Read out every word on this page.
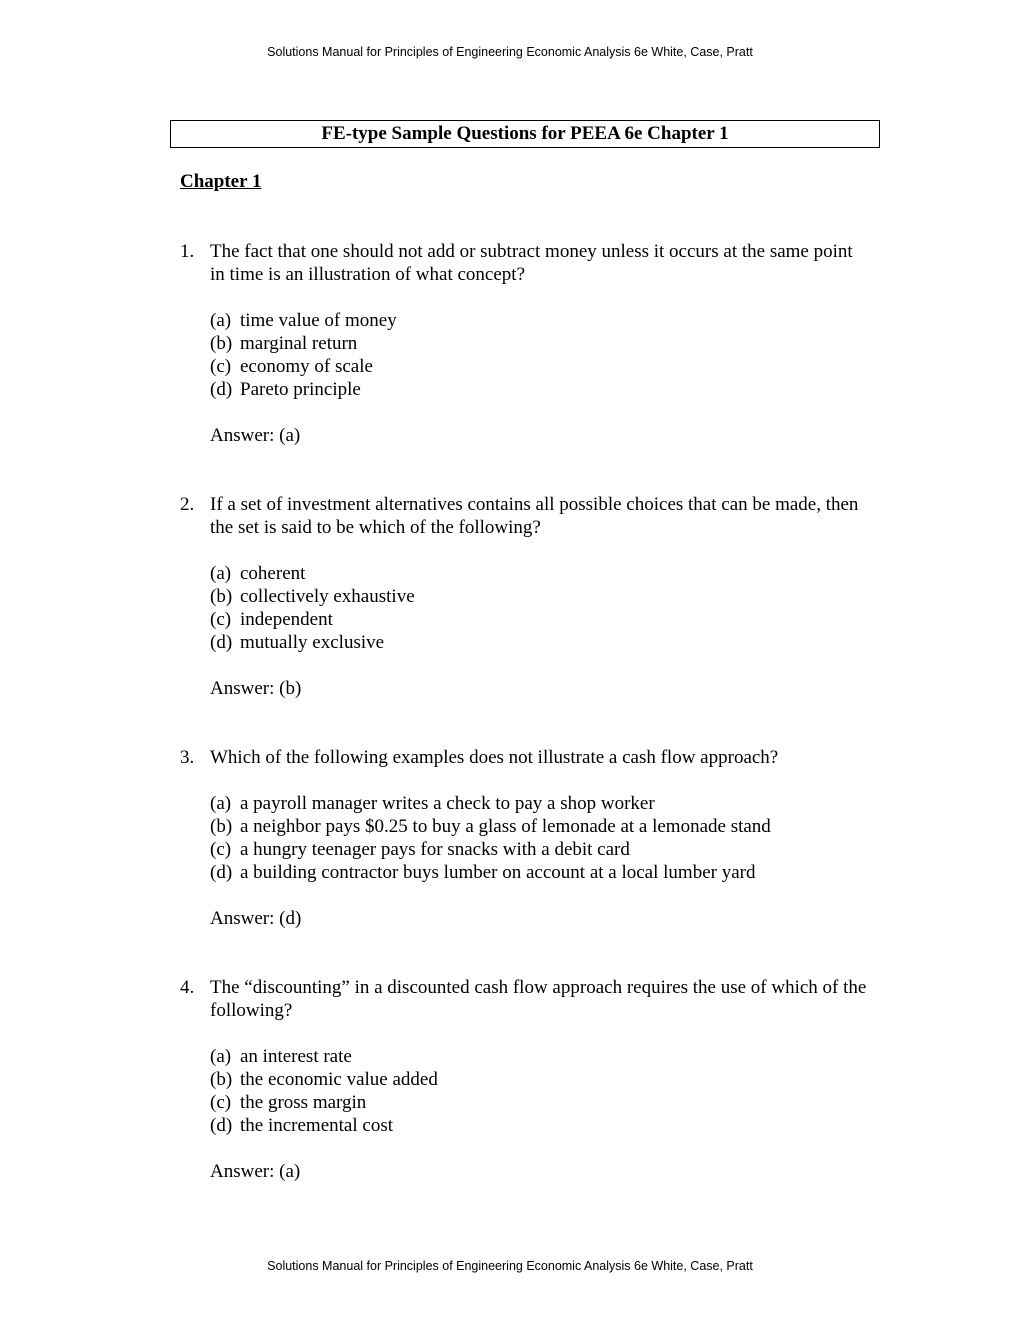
Solutions Manual for Principles of Engineering Economic Analysis 6e White, Case, Pratt
FE-type Sample Questions for PEEA 6e Chapter 1
Chapter 1
1. The fact that one should not add or subtract money unless it occurs at the same point in time is an illustration of what concept?
(a) time value of money
(b) marginal return
(c) economy of scale
(d) Pareto principle
Answer: (a)
2. If a set of investment alternatives contains all possible choices that can be made, then the set is said to be which of the following?
(a) coherent
(b) collectively exhaustive
(c) independent
(d) mutually exclusive
Answer: (b)
3. Which of the following examples does not illustrate a cash flow approach?
(a) a payroll manager writes a check to pay a shop worker
(b) a neighbor pays $0.25 to buy a glass of lemonade at a lemonade stand
(c) a hungry teenager pays for snacks with a debit card
(d) a building contractor buys lumber on account at a local lumber yard
Answer: (d)
4. The “discounting” in a discounted cash flow approach requires the use of which of the following?
(a) an interest rate
(b) the economic value added
(c) the gross margin
(d) the incremental cost
Answer: (a)
Solutions Manual for Principles of Engineering Economic Analysis 6e White, Case, Pratt
